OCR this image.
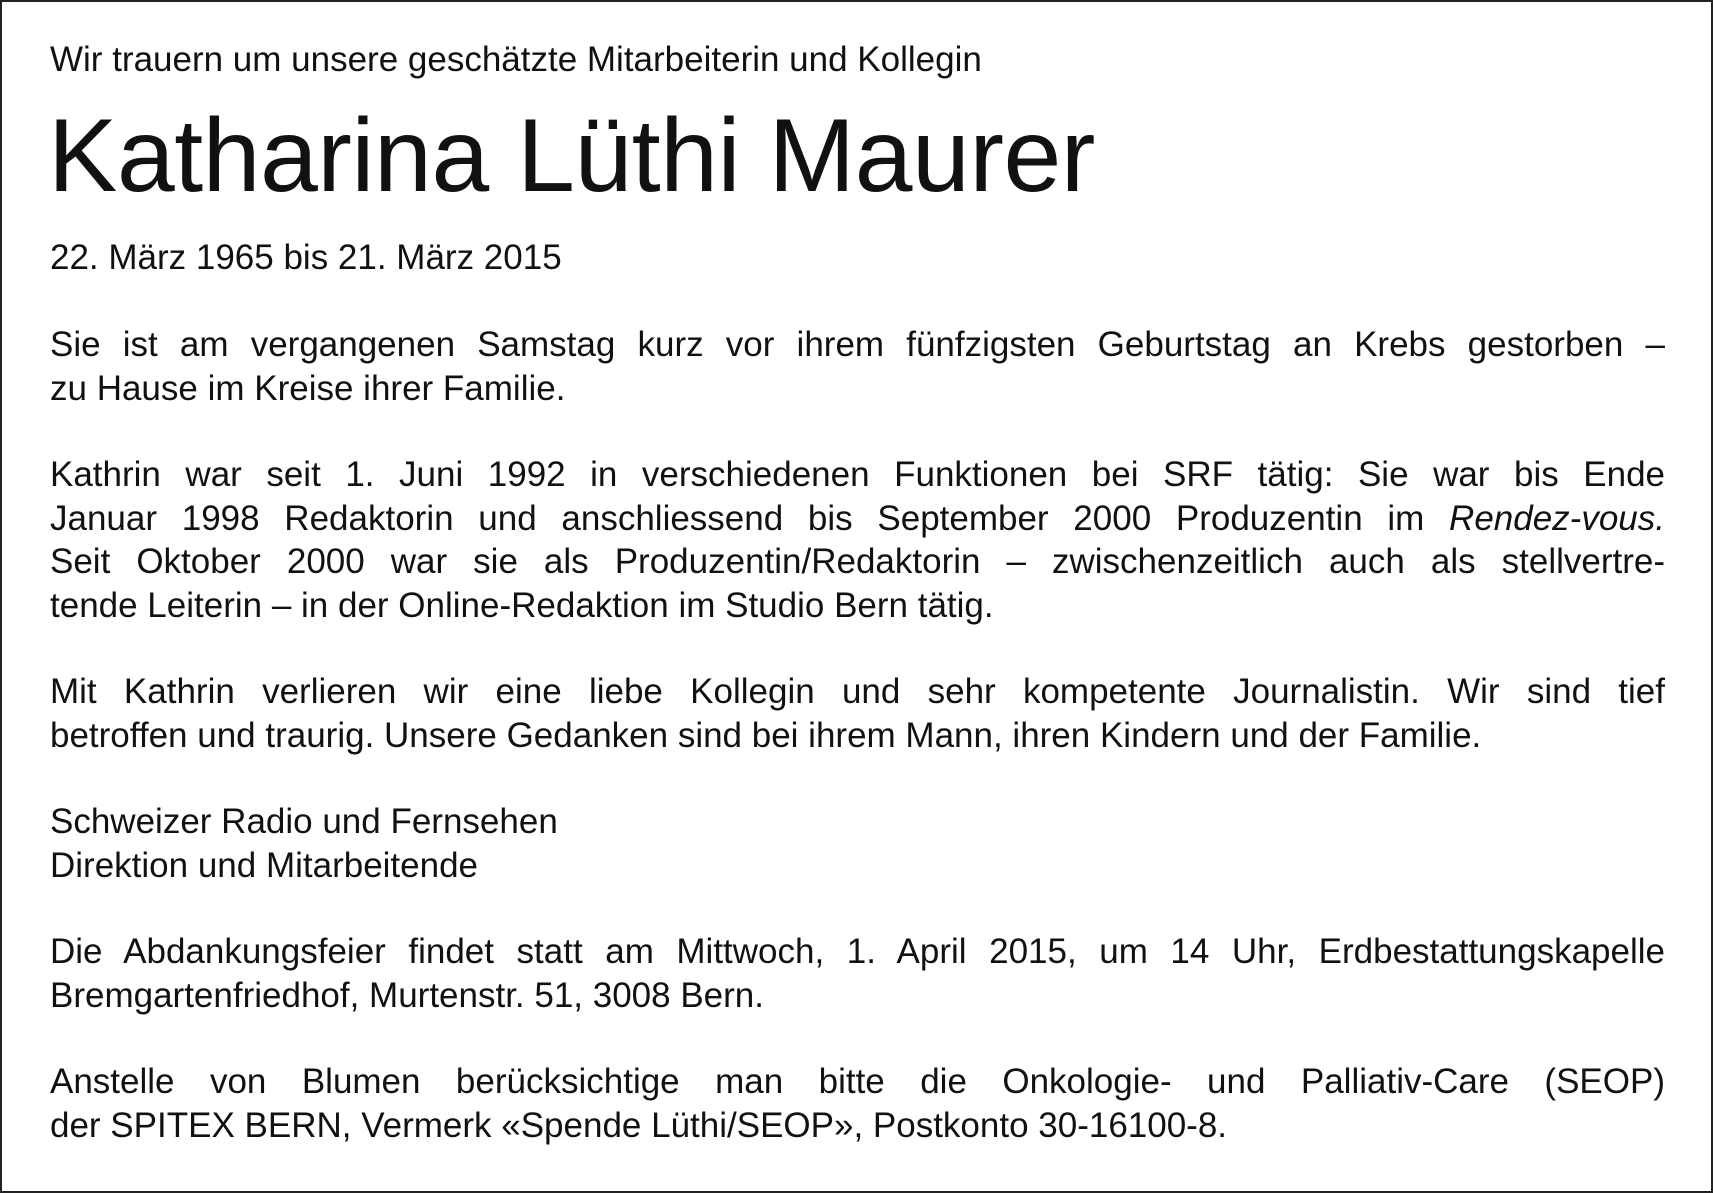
Wir trauern um unsere geschätzte Mitarbeiterin und Kollegin

Katharina Lüthi Maurer

22. März 1965 bis 21. März 2015

Sie ist am vergangenen Samstag kurz vor ihrem fünfzigsten Geburtstag an Krebs gestorben –
zu Hause im Kreise ihrer Familie.

Kathrin war seit 1. Juni 1992 in verschiedenen Funktionen bei SRF tätig: Sie war bis Ende
Januar 1998 Redaktorin und anschliessend bis September 2000 Produzentin im Rendez-vous.
Seit Oktober 2000 war sie als Produzentin/Redaktorin – zwischenzeitlich auch als stellvertre-
tende Leiterin – in der Online-Redaktion im Studio Bern tätig.

Mit Kathrin verlieren wir eine liebe Kollegin und sehr kompetente Journalistin. Wir sind tief
betroffen und traurig. Unsere Gedanken sind bei ihrem Mann, ihren Kindern und der Familie.

Schweizer Radio und Fernsehen
Direktion und Mitarbeitende

Die Abdankungsfeier findet statt am Mittwoch, 1. April 2015, um 14 Uhr, Erdbestattungskapelle
Bremgartenfriedhof, Murtenstr. 51, 3008 Bern.

Anstelle von Blumen berücksichtige man bitte die Onkologie- und Palliativ-Care (SEOP)
der SPITEX BERN, Vermerk «Spende Lüthi/SEOP», Postkonto 30-16100-8.
